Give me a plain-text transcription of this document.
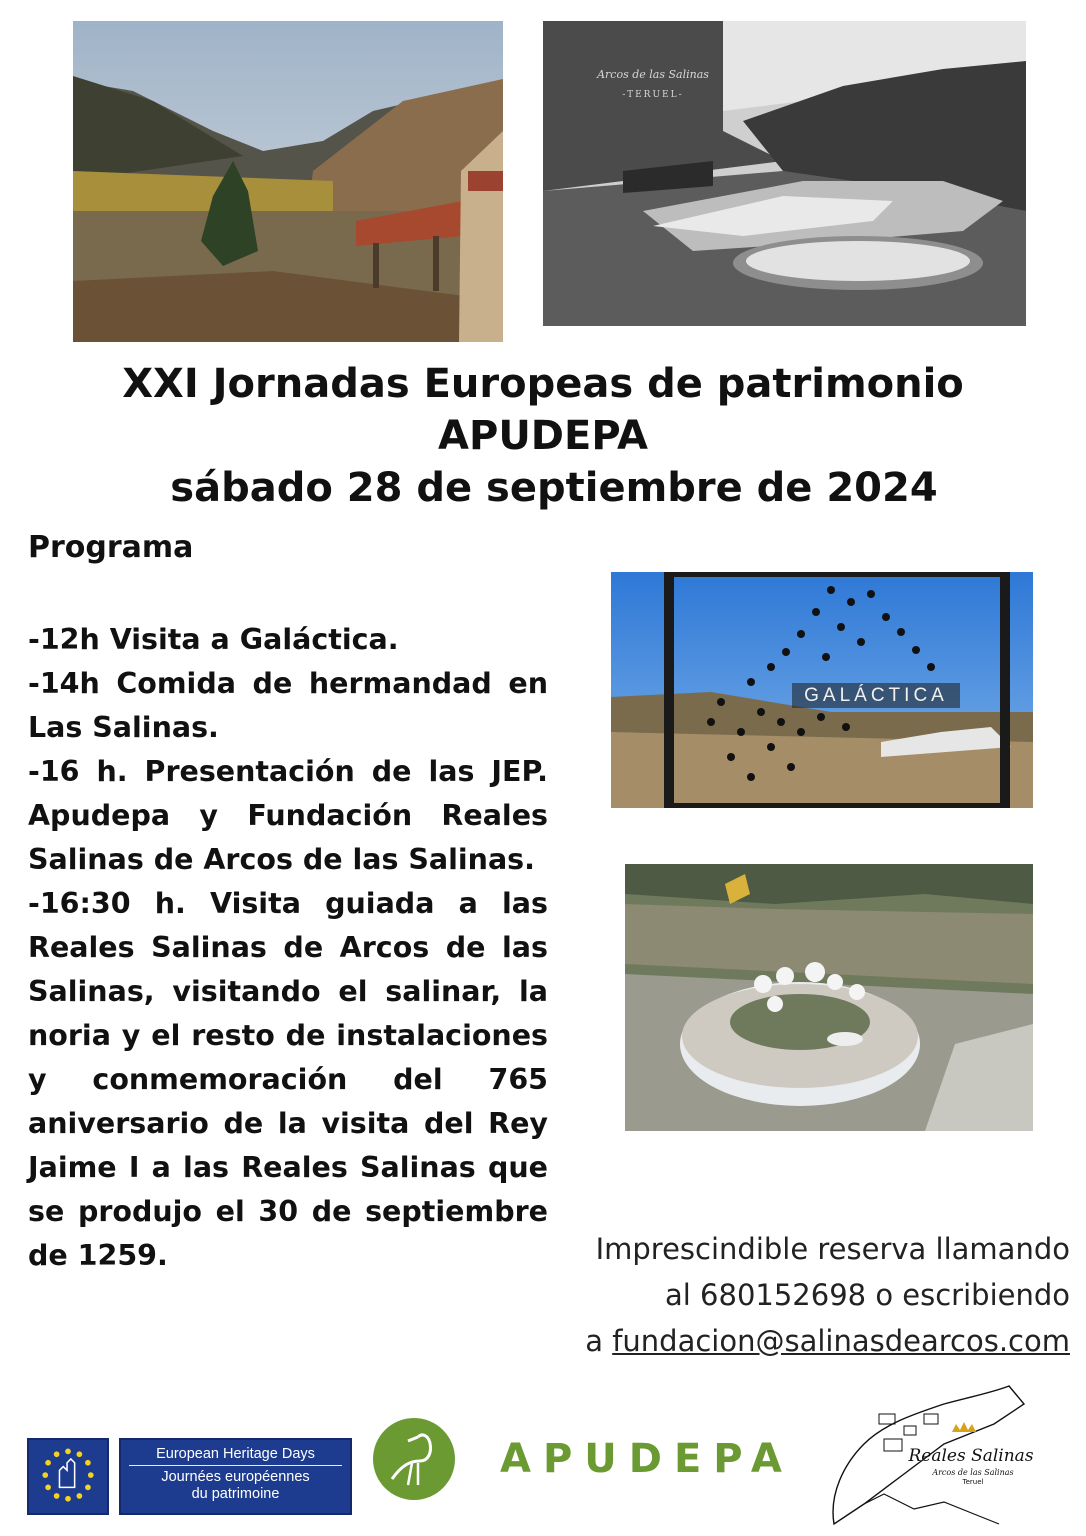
Arcos de las Salinas
-TERUEL-
XXI Jornadas Europeas de patrimonio
APUDEPA
sábado 28 de septiembre de 2024
Programa

-12h Visita a Galáctica.

-14h Comida de hermandad en Las Salinas.

-16 h. Presentación de las JEP. Apudepa y Fundación Reales Salinas de Arcos de las Salinas.

-16:30 h. Visita guiada a las Reales Salinas de Arcos de las Salinas, visitando el salinar, la noria y el resto de instalaciones y conmemoración del 765 aniversario de la visita del Rey Jaime I a las Reales Salinas que se produjo el 30 de septiembre de 1259.

GALÁCTICA
Imprescindible reserva llamando
al 680152698 o escribiendo
a fundacion@salinasdearcos.com
European Heritage Days
Journées européennes
du patrimoine
APUDEPA	Reales Salinas
Arcos de las Salinas
Teruel
